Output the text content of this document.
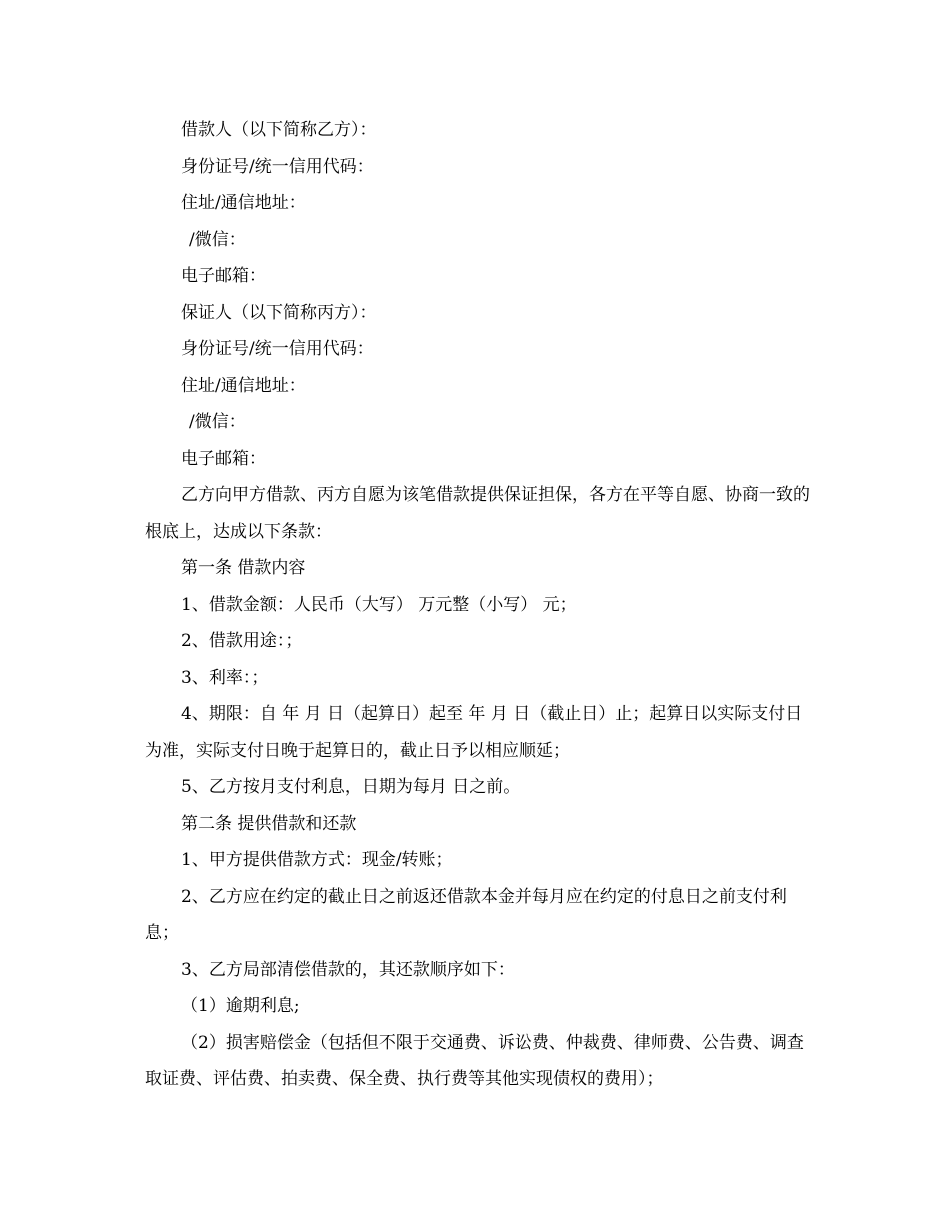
借款人（以下简称乙方）：

身份证号/统一信用代码：

住址/通信地址：

/微信：

电子邮箱：

保证人（以下简称丙方）：

身份证号/统一信用代码：

住址/通信地址：

/微信：

电子邮箱：

乙方向甲方借款、丙方自愿为该笔借款提供保证担保，各方在平等自愿、协商一致的根底上，达成以下条款：

第一条 借款内容

1、借款金额：人民币（大写） 万元整（小写） 元；

2、借款用途：；

3、利率：；

4、期限：自 年 月 日（起算日）起至 年 月 日（截止日）止；起算日以实际支付日为准，实际支付日晚于起算日的，截止日予以相应顺延；

5、乙方按月支付利息，日期为每月 日之前。

第二条 提供借款和还款

1、甲方提供借款方式：现金/转账；

2、乙方应在约定的截止日之前返还借款本金并每月应在约定的付息日之前支付利息；

3、乙方局部清偿借款的，其还款顺序如下：

（1）逾期利息;

（2）损害赔偿金（包括但不限于交通费、诉讼费、仲裁费、律师费、公告费、调查取证费、评估费、拍卖费、保全费、执行费等其他实现债权的费用）；
